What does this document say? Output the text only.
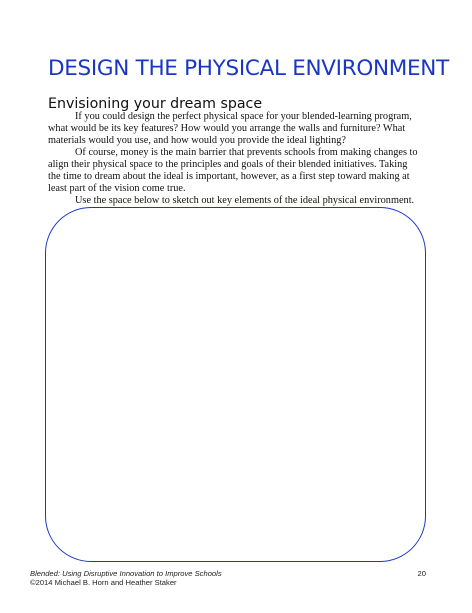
DESIGN THE PHYSICAL ENVIRONMENT
Envisioning your dream space

If you could design the perfect physical space for your blended-learning program, what would be its key features? How would you arrange the walls and furniture? What materials would you use, and how would you provide the ideal lighting?

Of course, money is the main barrier that prevents schools from making changes to align their physical space to the principles and goals of their blended initiatives. Taking the time to dream about the ideal is important, however, as a first step toward making at least part of the vision come true.

Use the space below to sketch out key elements of the ideal physical environment.

Blended: Using Disruptive Innovation to Improve Schools
©2014 Michael B. Horn and Heather Staker
20
